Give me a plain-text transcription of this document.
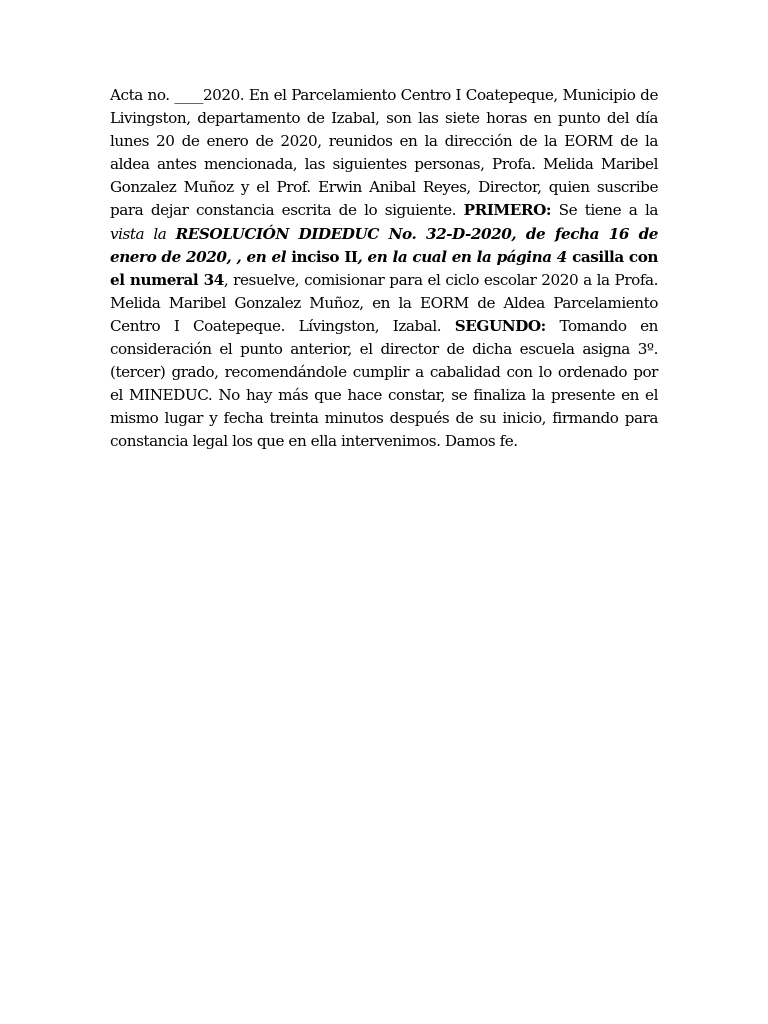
Acta no. ____2020. En el Parcelamiento Centro I Coatepeque, Municipio de Livingston, departamento de Izabal, son las siete horas en punto del día lunes 20 de enero de 2020, reunidos en la dirección de la EORM de la aldea antes mencionada, las siguientes personas, Profa. Melida Maribel Gonzalez Muñoz y el Prof. Erwin Anibal Reyes, Director, quien suscribe para dejar constancia escrita de lo siguiente. PRIMERO: Se tiene a la vista la RESOLUCIÓN DIDEDUC No. 32-D-2020, de fecha 16 de enero de 2020, , en el inciso II, en la cual en la página 4 casilla con el numeral 34, resuelve, comisionar para el ciclo escolar 2020 a la Profa. Melida Maribel Gonzalez Muñoz, en la EORM de Aldea Parcelamiento Centro I Coatepeque. Lívingston, Izabal. SEGUNDO: Tomando en consideración el punto anterior, el director de dicha escuela asigna 3º. (tercer) grado, recomendándole cumplir a cabalidad con lo ordenado por el MINEDUC. No hay más que hace constar, se finaliza la presente en el mismo lugar y fecha treinta minutos después de su inicio, firmando para constancia legal los que en ella intervenimos. Damos fe.
